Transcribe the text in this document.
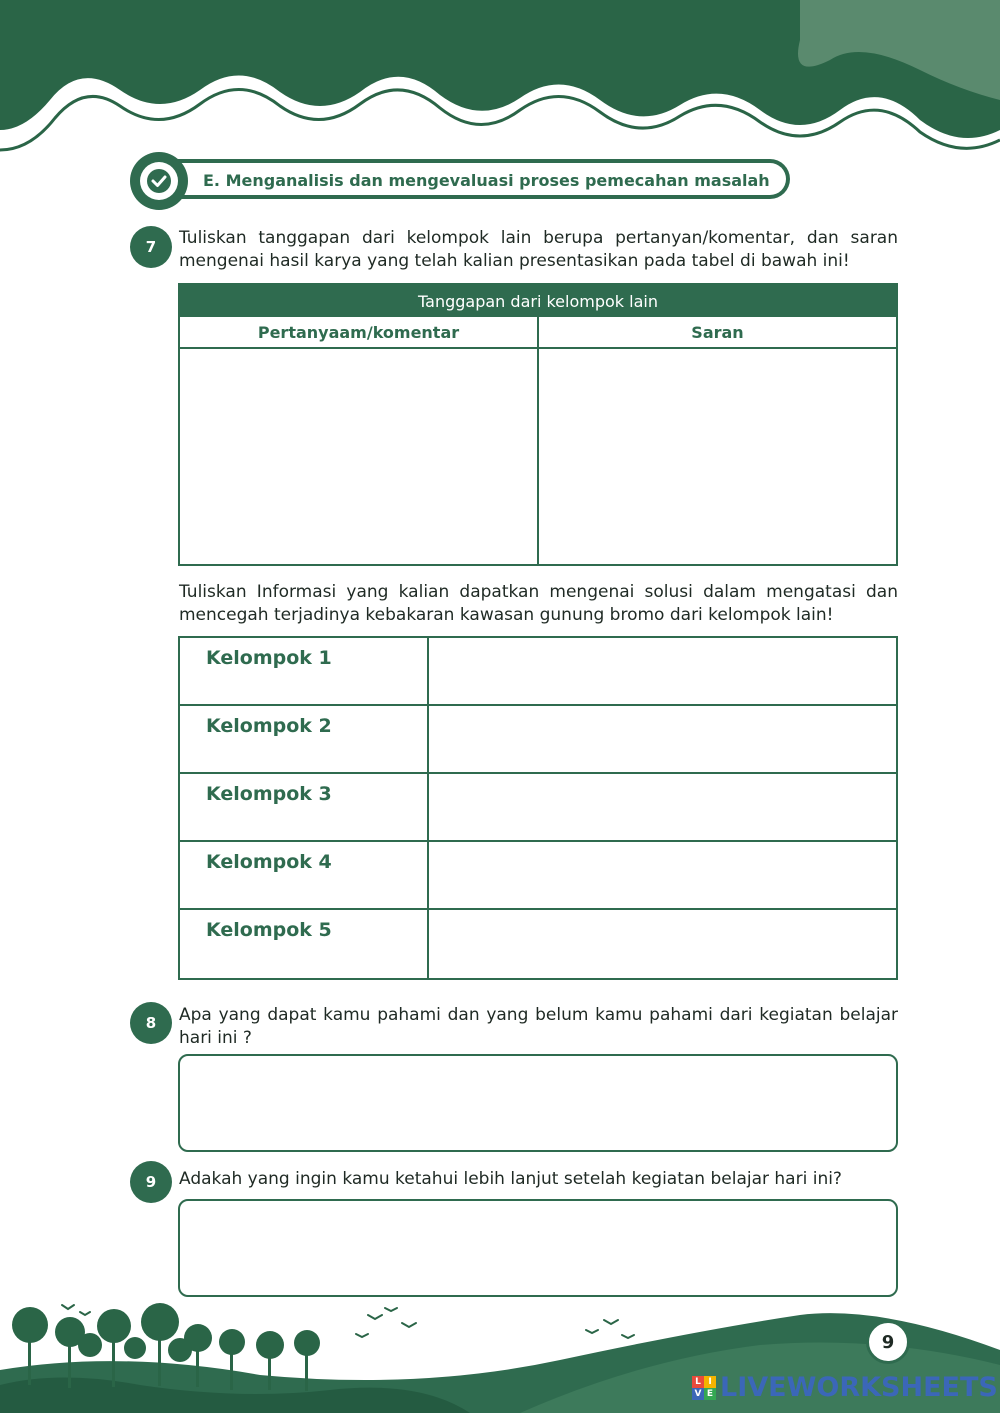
E. Menganalisis dan mengevaluasi proses pemecahan masalah
7	Tuliskan tanggapan dari kelompok lain berupa pertanyan/komentar, dan saran mengenai hasil karya yang telah kalian presentasikan pada tabel di bawah ini!
Tanggapan dari kelompok lain
Pertanyaam/komentar	Saran
Tuliskan Informasi yang kalian dapatkan mengenai solusi dalam mengatasi dan mencegah terjadinya kebakaran kawasan gunung bromo dari kelompok lain!
Kelompok 1
Kelompok 2
Kelompok 3
Kelompok 4
Kelompok 5
8	Apa yang dapat kamu pahami dan yang belum kamu pahami dari kegiatan belajar hari ini ?
9	Adakah yang ingin kamu ketahui lebih lanjut setelah kegiatan belajar hari ini?
9
L I
V E LIVEWORKSHEETS
